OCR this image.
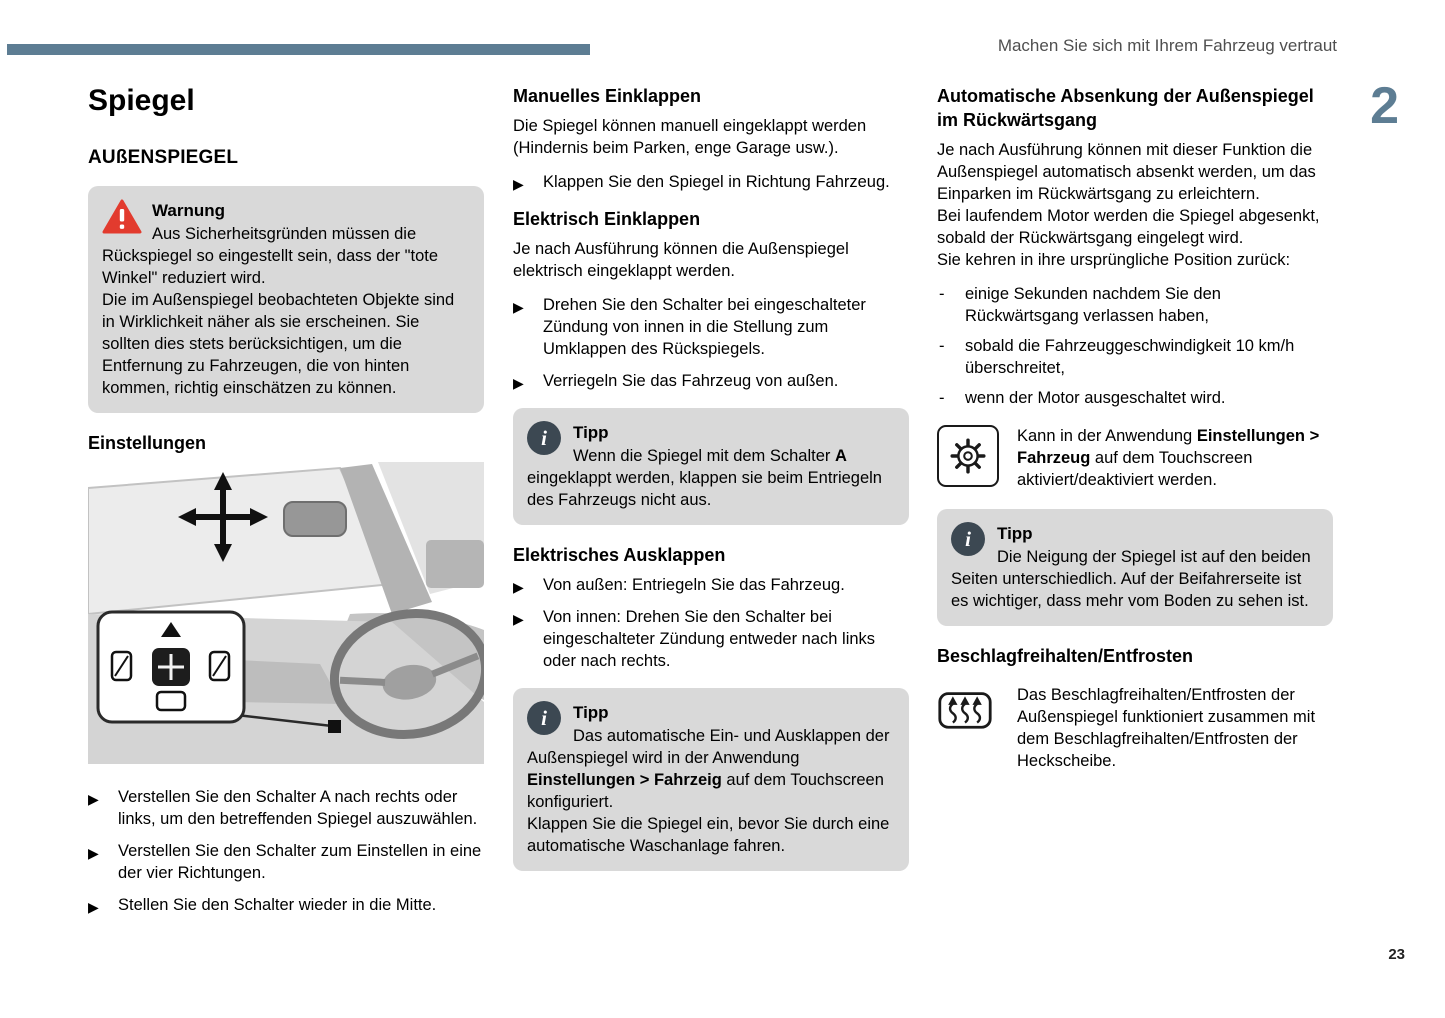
Machen Sie sich mit Ihrem Fahrzeug vertraut
2
23
Spiegel
AUßENSPIEGEL
Warnung

Aus Sicherheitsgründen müssen die Rückspiegel so eingestellt sein, dass der "tote Winkel" reduziert wird.

Die im Außenspiegel beobachteten Objekte sind in Wirklichkeit näher als sie erscheinen. Sie sollten dies stets berücksichtigen, um die Entfernung zu Fahrzeugen, die von hinten kommen, richtig einschätzen zu können.

Einstellungen
▶ Verstellen Sie den Schalter A nach rechts oder links, um den betreffenden Spiegel auszuwählen.
▶ Verstellen Sie den Schalter zum Einstellen in eine der vier Richtungen.
▶ Stellen Sie den Schalter wieder in die Mitte.
Manuelles Einklappen

Die Spiegel können manuell eingeklappt werden (Hindernis beim Parken, enge Garage usw.).

▶ Klappen Sie den Spiegel in Richtung Fahrzeug.
Elektrisch Einklappen

Je nach Ausführung können die Außenspiegel elektrisch eingeklappt werden.

▶ Drehen Sie den Schalter bei eingeschalteter Zündung von innen in die Stellung zum Umklappen des Rückspiegels.
▶ Verriegeln Sie das Fahrzeug von außen.
i	Tipp

Wenn die Spiegel mit dem Schalter A eingeklappt werden, klappen sie beim Entriegeln des Fahrzeugs nicht aus.

Elektrisches Ausklappen
▶ Von außen: Entriegeln Sie das Fahrzeug.
▶ Von innen: Drehen Sie den Schalter bei eingeschalteter Zündung entweder nach links oder nach rechts.
i	Tipp

Das automatische Ein- und Ausklappen der Außenspiegel wird in der Anwendung Einstellungen > Fahrzeig auf dem Touchscreen konfiguriert.

Klappen Sie die Spiegel ein, bevor Sie durch eine automatische Waschanlage fahren.

Automatische Absenkung der Außenspiegel im Rückwärtsgang

Je nach Ausführung können mit dieser Funktion die Außenspiegel automatisch absenkt werden, um das Einparken im Rückwärtsgang zu erleichtern.

Bei laufendem Motor werden die Spiegel abgesenkt, sobald der Rückwärtsgang eingelegt wird.

Sie kehren in ihre ursprüngliche Position zurück:

- einige Sekunden nachdem Sie den Rückwärtsgang verlassen haben,
- sobald die Fahrzeuggeschwindigkeit 10 km/h überschreitet,
- wenn der Motor ausgeschaltet wird.
Kann in der Anwendung Einstellungen > Fahrzeug auf dem Touchscreen aktiviert/deaktiviert werden.
i	Tipp

Die Neigung der Spiegel ist auf den beiden Seiten unterschiedlich. Auf der Beifahrerseite ist es wichtiger, dass mehr vom Boden zu sehen ist.

Beschlagfreihalten/Entfrosten
Das Beschlagfreihalten/Entfrosten der Außenspiegel funktioniert zusammen mit dem Beschlagfreihalten/Entfrosten der Heckscheibe.
